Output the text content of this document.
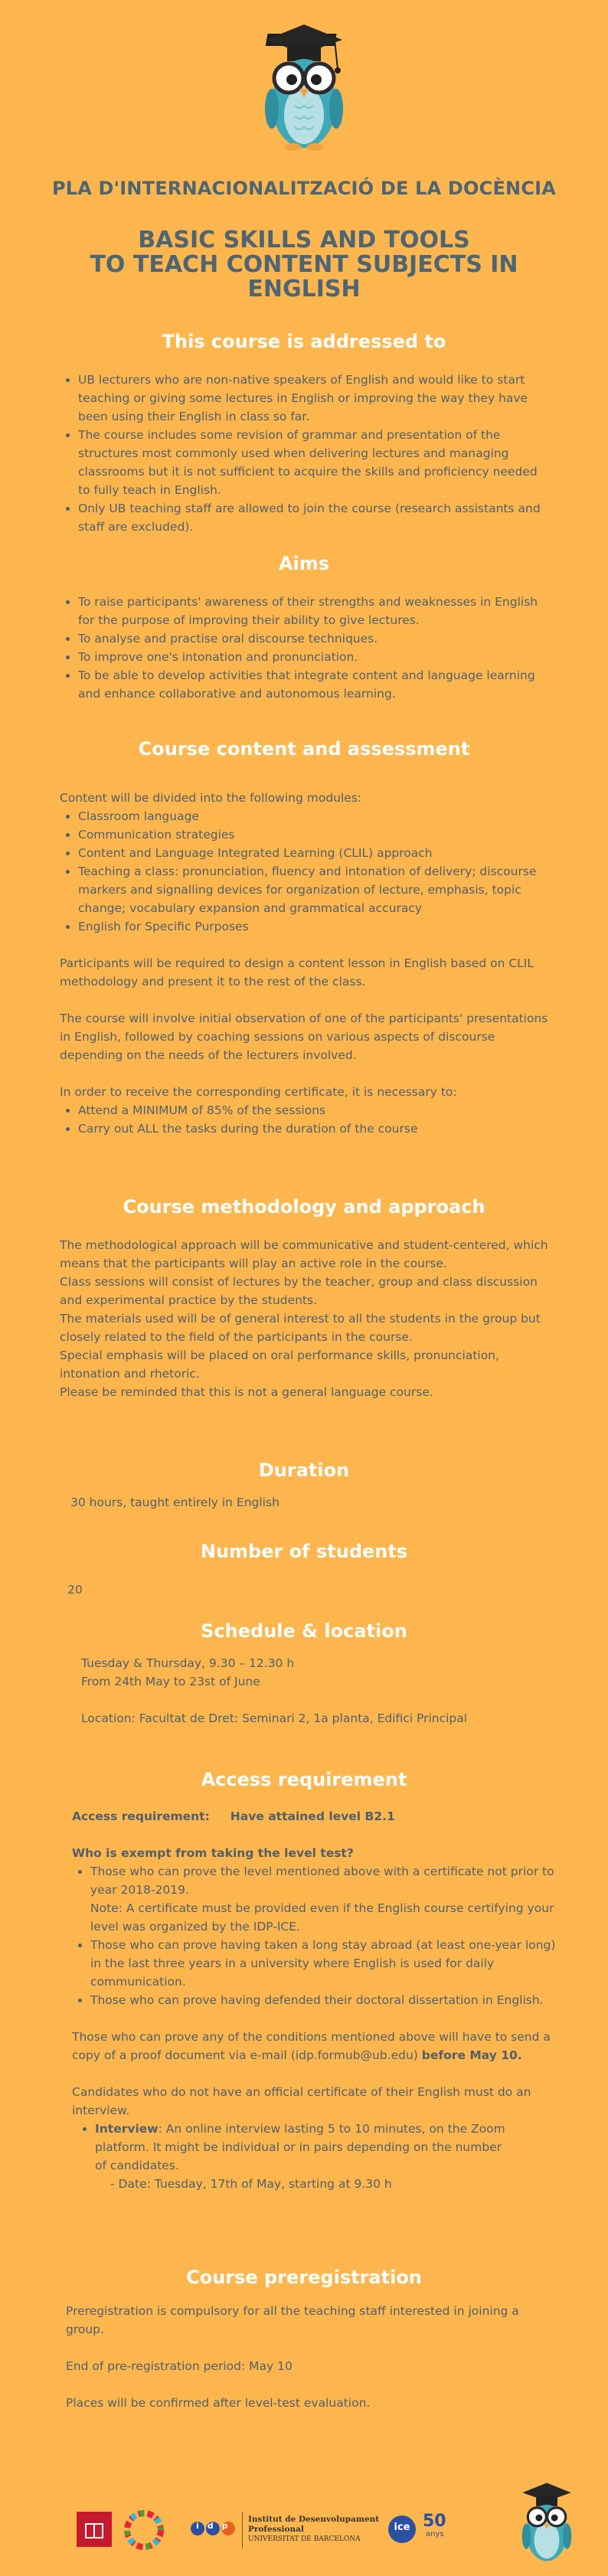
PLA D'INTERNACIONALITZACIÓ DE LA DOCÈNCIA
BASIC SKILLS AND TOOLS
TO TEACH CONTENT SUBJECTS IN
ENGLISH
This course is addressed to
• UB lecturers who are non-native speakers of English and would like to start teaching or giving some lectures in English or improving the way they have been using their English in class so far.
• The course includes some revision of grammar and presentation of the structures most commonly used when delivering lectures and managing classrooms but it is not sufficient to acquire the skills and proficiency needed to fully teach in English.
• Only UB teaching staff are allowed to join the course (research assistants and staff are excluded).
Aims
• To raise participants' awareness of their strengths and weaknesses in English for the purpose of improving their ability to give lectures.
• To analyse and practise oral discourse techniques.
• To improve one's intonation and pronunciation.
• To be able to develop activities that integrate content and language learning and enhance collaborative and autonomous learning.
Course content and assessment

Content will be divided into the following modules:

• Classroom language
• Communication strategies
• Content and Language Integrated Learning (CLIL) approach
• Teaching a class: pronunciation, fluency and intonation of delivery; discourse markers and signalling devices for organization of lecture, emphasis, topic change; vocabulary expansion and grammatical accuracy
• English for Specific Purposes

Participants will be required to design a content lesson in English based on CLIL methodology and present it to the rest of the class.

The course will involve initial observation of one of the participants' presentations in English, followed by coaching sessions on various aspects of discourse depending on the needs of the lecturers involved.

In order to receive the corresponding certificate, it is necessary to:

• Attend a MINIMUM of 85% of the sessions
• Carry out ALL the tasks during the duration of the course
Course methodology and approach

The methodological approach will be communicative and student-centered, which means that the participants will play an active role in the course.

Class sessions will consist of lectures by the teacher, group and class discussion and experimental practice by the students.

The materials used will be of general interest to all the students in the group but closely related to the field of the participants in the course.

Special emphasis will be placed on oral performance skills, pronunciation, intonation and rhetoric.

Please be reminded that this is not a general language course.

Duration
30 hours, taught entirely in English
Number of students
20
Schedule & location

Tuesday & Thursday, 9.30 – 12.30 h

From 24th May to 23st of June

Location: Facultat de Dret: Seminari 2, 1a planta, Edifici Principal

Access requirement

Access requirement: Have attained level B2.1

Who is exempt from taking the level test?

• Those who can prove the level mentioned above with a certificate not prior to year 2018-2019.
Note: A certificate must be provided even if the English course certifying your level was organized by the IDP-ICE.
• Those who can prove having taken a long stay abroad (at least one-year long) in the last three years in a university where English is used for daily communication.
• Those who can prove having defended their doctoral dissertation in English.

Those who can prove any of the conditions mentioned above will have to send a copy of a proof document via e-mail (idp.formub@ub.edu) before May 10.

Candidates who do not have an official certificate of their English must do an interview.

• Interview: An online interview lasting 5 to 10 minutes, on the Zoom platform. It might be individual or in pairs depending on the number of candidates.
- Date: Tuesday, 17th of May, starting at 9.30 h
Course preregistration

Preregistration is compulsory for all the teaching staff interested in joining a group.

End of pre-registration period: May 10

Places will be confirmed after level-test evaluation.

idp
Institut de Desenvolupament
Professional
UNIVERSITAT DE BARCELONA
ice 50
anys
